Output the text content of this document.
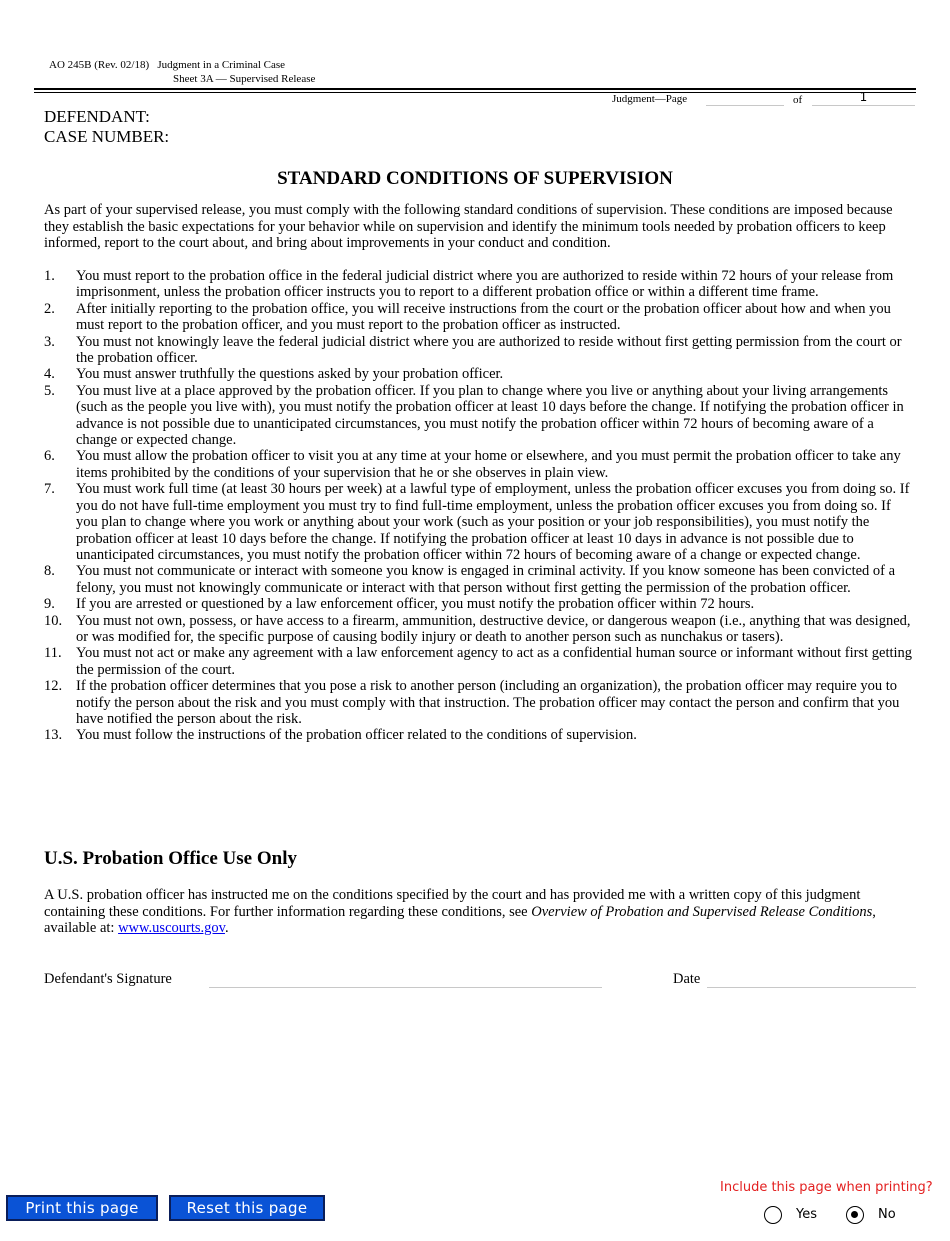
AO 245B (Rev. 02/18)   Judgment in a Criminal Case
Sheet 3A — Supervised Release
Judgment—Page	of	1
DEFENDANT:
CASE NUMBER:
STANDARD CONDITIONS OF SUPERVISION
As part of your supervised release, you must comply with the following standard conditions of supervision. These conditions are imposed because they establish the basic expectations for your behavior while on supervision and identify the minimum tools needed by probation officers to keep informed, report to the court about, and bring about improvements in your conduct and condition.
1. You must report to the probation office in the federal judicial district where you are authorized to reside within 72 hours of your release from imprisonment, unless the probation officer instructs you to report to a different probation office or within a different time frame.
2. After initially reporting to the probation office, you will receive instructions from the court or the probation officer about how and when you must report to the probation officer, and you must report to the probation officer as instructed.
3. You must not knowingly leave the federal judicial district where you are authorized to reside without first getting permission from the court or the probation officer.
4. You must answer truthfully the questions asked by your probation officer.
5. You must live at a place approved by the probation officer. If you plan to change where you live or anything about your living arrangements (such as the people you live with), you must notify the probation officer at least 10 days before the change. If notifying the probation officer in advance is not possible due to unanticipated circumstances, you must notify the probation officer within 72 hours of becoming aware of a change or expected change.
6. You must allow the probation officer to visit you at any time at your home or elsewhere, and you must permit the probation officer to take any items prohibited by the conditions of your supervision that he or she observes in plain view.
7. You must work full time (at least 30 hours per week) at a lawful type of employment, unless the probation officer excuses you from doing so. If you do not have full-time employment you must try to find full-time employment, unless the probation officer excuses you from doing so. If you plan to change where you work or anything about your work (such as your position or your job responsibilities), you must notify the probation officer at least 10 days before the change. If notifying the probation officer at least 10 days in advance is not possible due to unanticipated circumstances, you must notify the probation officer within 72 hours of becoming aware of a change or expected change.
8. You must not communicate or interact with someone you know is engaged in criminal activity. If you know someone has been convicted of a felony, you must not knowingly communicate or interact with that person without first getting the permission of the probation officer.
9. If you are arrested or questioned by a law enforcement officer, you must notify the probation officer within 72 hours.
10. You must not own, possess, or have access to a firearm, ammunition, destructive device, or dangerous weapon (i.e., anything that was designed, or was modified for, the specific purpose of causing bodily injury or death to another person such as nunchakus or tasers).
11. You must not act or make any agreement with a law enforcement agency to act as a confidential human source or informant without first getting the permission of the court.
12. If the probation officer determines that you pose a risk to another person (including an organization), the probation officer may require you to notify the person about the risk and you must comply with that instruction. The probation officer may contact the person and confirm that you have notified the person about the risk.
13. You must follow the instructions of the probation officer related to the conditions of supervision.
U.S. Probation Office Use Only
A U.S. probation officer has instructed me on the conditions specified by the court and has provided me with a written copy of this judgment containing these conditions. For further information regarding these conditions, see Overview of Probation and Supervised Release Conditions, available at: www.uscourts.gov.
Defendant's Signature	Date
Print this page now
Reset this page
Include this page when printing?
Yes	No
